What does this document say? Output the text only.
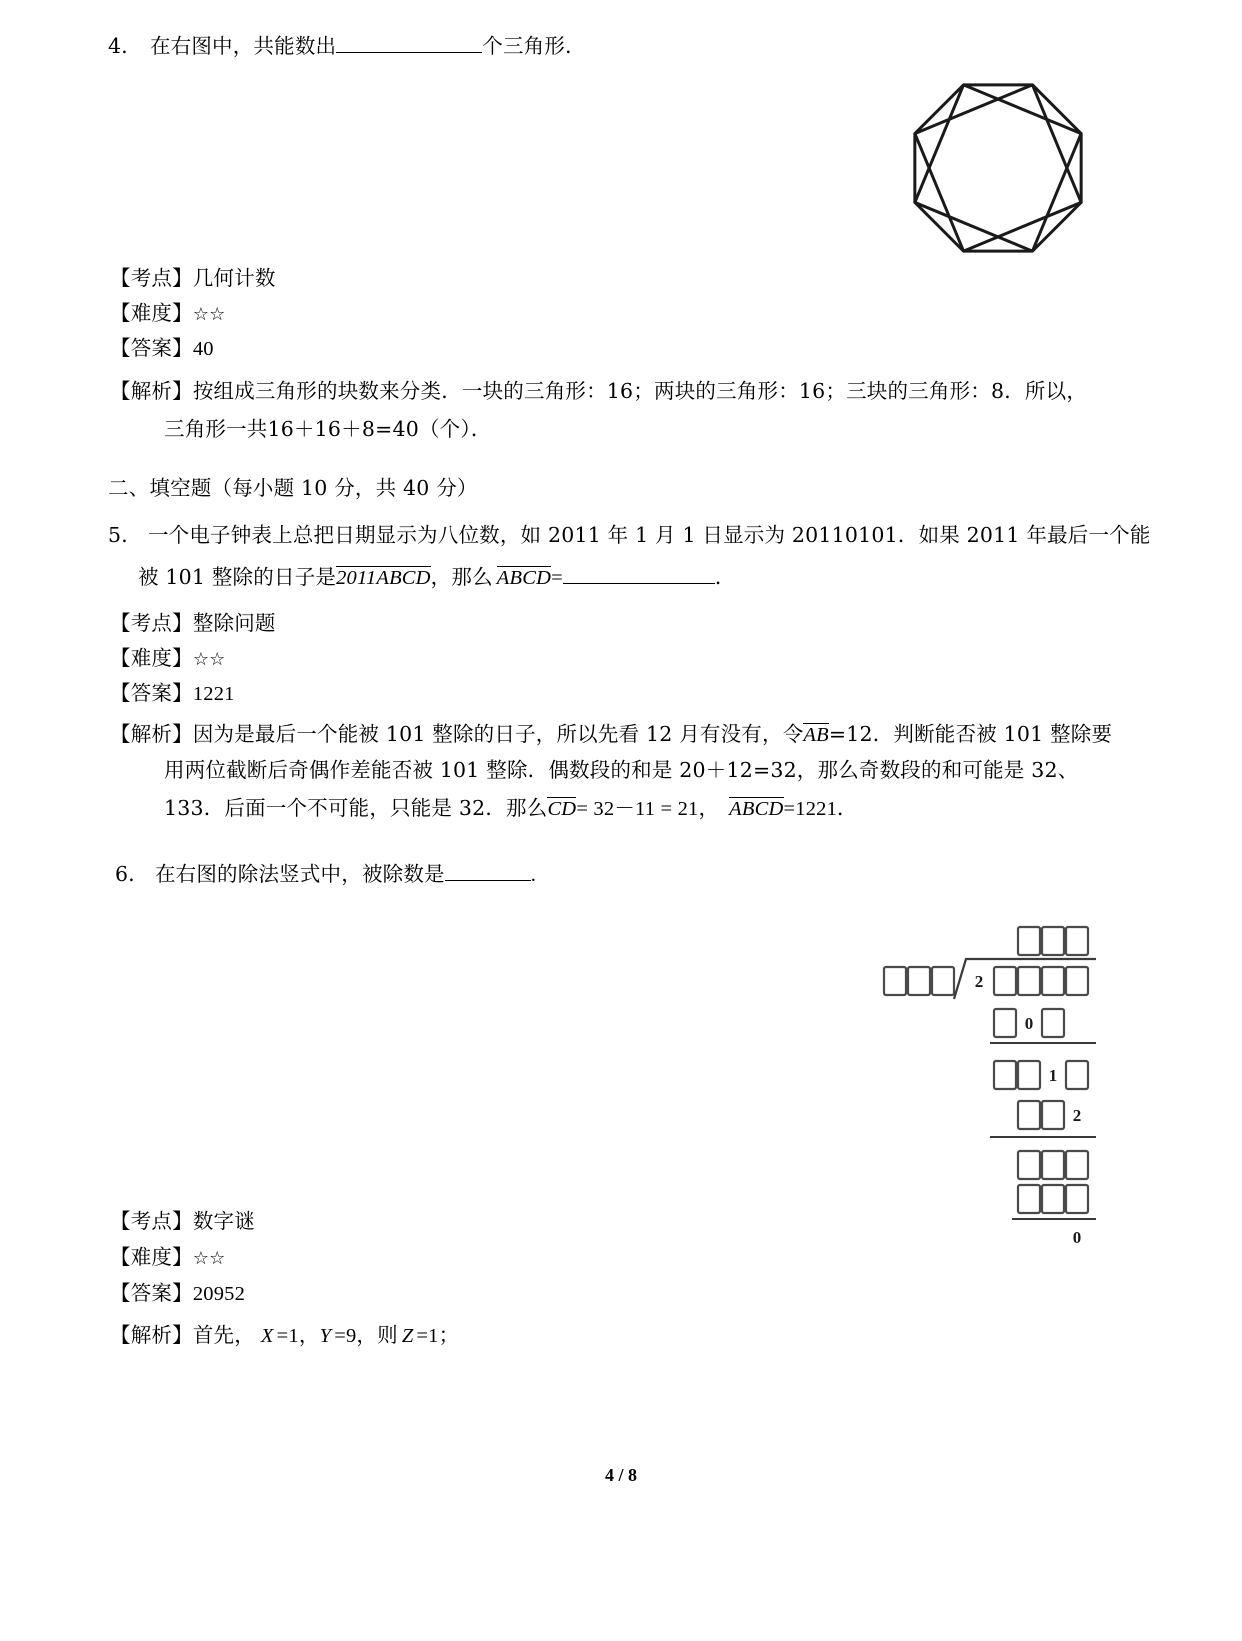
4． 在右图中，共能数出	个三角形．
【考点】几何计数
【难度】☆☆
【答案】40
【解析】按组成三角形的块数来分类．一块的三角形：16；两块的三角形：16；三块的三角形：8．所以，
三角形一共16＋16＋8=40（个）．
二、填空题（每小题 10 分，共 40 分）
5． 一个电子钟表上总把日期显示为八位数，如 2011 年 1 月 1 日显示为 20110101．如果 2011 年最后一个能
被 101 整除的日子是2011ABCD，那么 ABCD=	．
【考点】整除问题
【难度】☆☆
【答案】1221
【解析】因为是最后一个能被 101 整除的日子，所以先看 12 月有没有，令AB=12．判断能否被 101 整除要
用两位截断后奇偶作差能否被 101 整除．偶数段的和是 20＋12=32，那么奇数段的和可能是 32、
133．后面一个不可能，只能是 32．那么CD= 32－11 = 21， ABCD=1221．
6． 在右图的除法竖式中，被除数是	.
2
0
1
2
0
【考点】数字谜
【难度】☆☆
【答案】20952
【解析】首先， X =1，Y =9，则 Z =1；
4 / 8
